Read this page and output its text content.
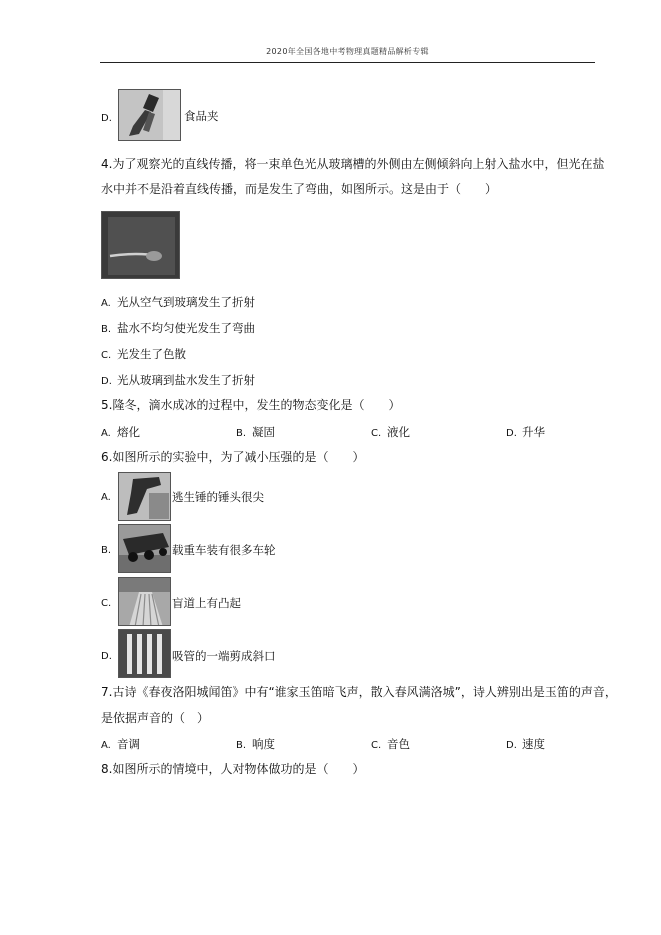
2020年全国各地中考物理真题精品解析专辑
D.	食品夹
4.为了观察光的直线传播，将一束单色光从玻璃槽的外侧由左侧倾斜向上射入盐水中，但光在盐
水中并不是沿着直线传播，而是发生了弯曲，如图所示。这是由于（　　）
A. 光从空气到玻璃发生了折射
B. 盐水不均匀使光发生了弯曲
C. 光发生了色散
D. 光从玻璃到盐水发生了折射
5.隆冬，滴水成冰的过程中，发生的物态变化是（　　）
A. 熔化	B. 凝固	C. 液化	D. 升华
6.如图所示的实验中，为了减小压强的是（　　）
A.	逃生锤的锤头很尖
B.	载重车装有很多车轮
C.	盲道上有凸起
D.	吸管的一端剪成斜口
7.古诗《春夜洛阳城闻笛》中有“谁家玉笛暗飞声，散入春风满洛城”，诗人辨别出是玉笛的声音，
是依据声音的（　）
A. 音调	B. 响度	C. 音色	D. 速度
8.如图所示的情境中，人对物体做功的是（　　）
